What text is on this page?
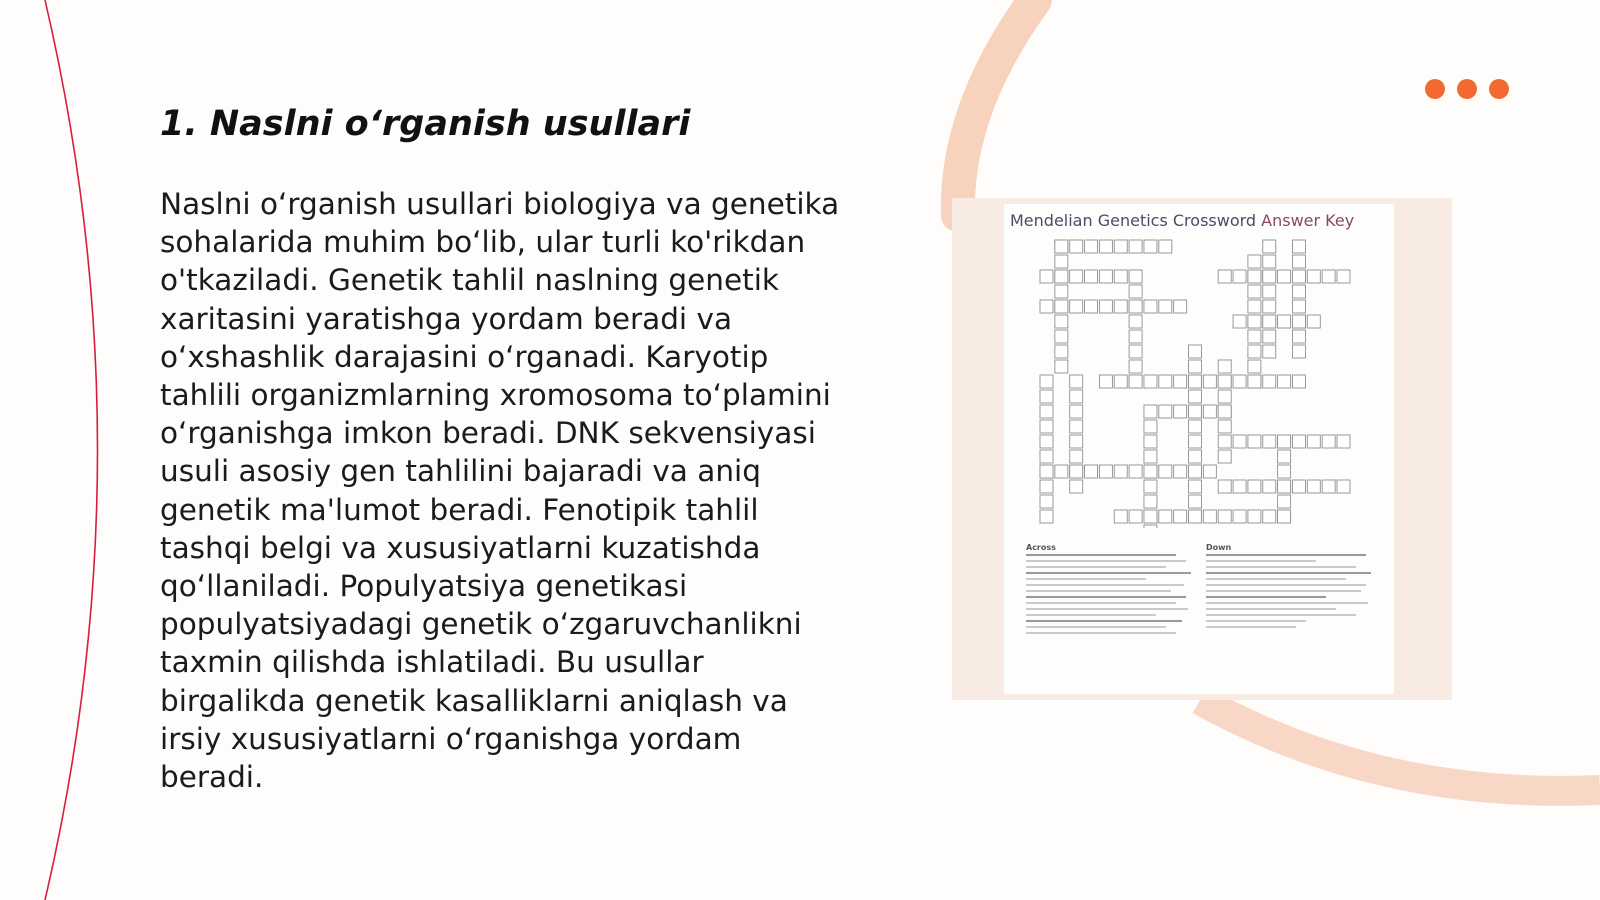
1. Naslni o‘rganish usullari

Naslni o‘rganish usullari biologiya va genetika sohalarida muhim bo‘lib, ular turli ko'rikdan o'tkaziladi. Genetik tahlil naslning genetik xaritasini yaratishga yordam beradi va o‘xshashlik darajasini o‘rganadi. Karyotip tahlili organizmlarning xromosoma to‘plamini o‘rganishga imkon beradi. DNK sekvensiyasi usuli asosiy gen tahlilini bajaradi va aniq genetik ma'lumot beradi. Fenotipik tahlil tashqi belgi va xususiyatlarni kuzatishda qo‘llaniladi. Populyatsiya genetikasi populyatsiyadagi genetik o‘zgaruvchanlikni taxmin qilishda ishlatiladi. Bu usullar birgalikda genetik kasalliklarni aniqlash va irsiy xususiyatlarni o‘rganishga yordam beradi.

Mendelian Genetics Crossword Answer Key
Across	Down
